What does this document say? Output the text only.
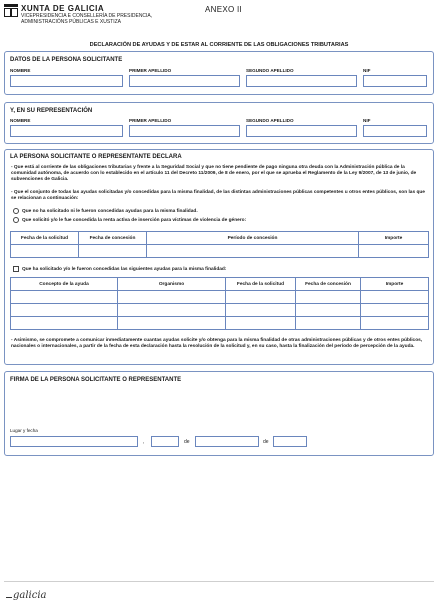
XUNTA DE GALICIA
VICEPRESIDENCIA E CONSELLERÍA DE PRESIDENCIA,
ADMINISTRACIÓNS PÚBLICAS E XUSTIZA
ANEXO II
DECLARACIÓN DE AYUDAS Y DE ESTAR AL CORRIENTE DE LAS OBLIGACIONES TRIBUTARIAS
DATOS DE LA PERSONA SOLICITANTE
NOMBRE	PRIMER APELLIDO	SEGUNDO APELLIDO	NIF
Y, EN SU REPRESENTACIÓN
NOMBRE	PRIMER APELLIDO	SEGUNDO APELLIDO	NIF
LA PERSONA SOLICITANTE O REPRESENTANTE DECLARA
- Que está al corriente de las obligaciones tributarias y frente a la Seguridad Social y que no tiene pendiente de pago ninguna otra deuda con la Administración pública de la comunidad autónoma, de acuerdo con lo establecido en el artículo 11 del Decreto 11/2009, de 8 de enero, por el que se aprueba el Reglamento de la Ley 9/2007, de 13 de junio, de subvenciones de Galicia.
- Que el conjunto de todas las ayudas solicitadas y/o concedidas para la misma finalidad, de las distintas administraciones públicas competentes u otros entes públicos, son las que se relacionan a continuación:
Que no ha solicitado ni le fueron concedidas ayudas para la misma finalidad.
Que solicitó y/o le fue concedida la renta activa de inserción para víctimas de violencia de género:
Fecha de la solicitud	Fecha de concesión	Período de concesión	Importe

Que ha solicitado y/o le fueron concedidas las siguientes ayudas para la misma finalidad:
Concepto de la ayuda	Organismo	Fecha de la solicitud	Fecha de concesión	Importe

- Asimismo, se compromete a comunicar inmediatamente cuantas ayudas solicite y/o obtenga para la misma finalidad de otras administraciones públicas y de otros entes públicos, nacionales o internacionales, a partir de la fecha de esta declaración hasta la resolución de la solicitud y, en su caso, hasta la finalización del período de percepción de la ayuda.
FIRMA DE LA PERSONA SOLICITANTE O REPRESENTANTE
Lugar y fecha
,	de	de
galicia
